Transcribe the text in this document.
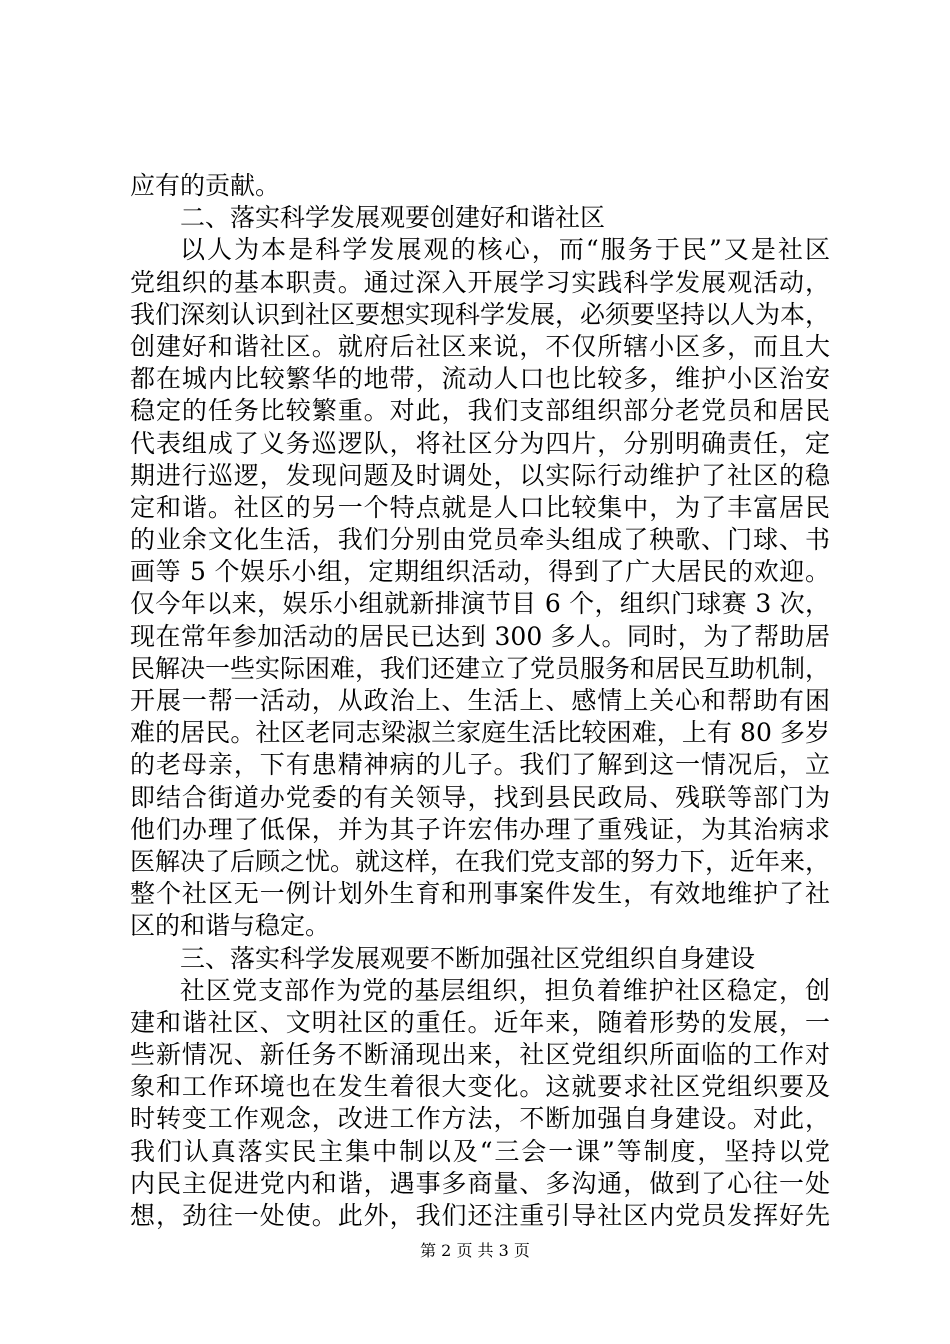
应有的贡献。
二、落实科学发展观要创建好和谐社区
以人为本是科学发展观的核心，而“服务于民”又是社区
党组织的基本职责。通过深入开展学习实践科学发展观活动，
我们深刻认识到社区要想实现科学发展，必须要坚持以人为本，
创建好和谐社区。就府后社区来说，不仅所辖小区多，而且大
都在城内比较繁华的地带，流动人口也比较多，维护小区治安
稳定的任务比较繁重。对此，我们支部组织部分老党员和居民
代表组成了义务巡逻队，将社区分为四片，分别明确责任，定
期进行巡逻，发现问题及时调处，以实际行动维护了社区的稳
定和谐。社区的另一个特点就是人口比较集中，为了丰富居民
的业余文化生活，我们分别由党员牵头组成了秧歌、门球、书
画等 5 个娱乐小组，定期组织活动，得到了广大居民的欢迎。
仅今年以来，娱乐小组就新排演节目 6 个，组织门球赛 3 次，
现在常年参加活动的居民已达到 300 多人。同时，为了帮助居
民解决一些实际困难，我们还建立了党员服务和居民互助机制，
开展一帮一活动，从政治上、生活上、感情上关心和帮助有困
难的居民。社区老同志梁淑兰家庭生活比较困难，上有 80 多岁
的老母亲，下有患精神病的儿子。我们了解到这一情况后，立
即结合街道办党委的有关领导，找到县民政局、残联等部门为
他们办理了低保，并为其子许宏伟办理了重残证，为其治病求
医解决了后顾之忧。就这样，在我们党支部的努力下，近年来，
整个社区无一例计划外生育和刑事案件发生，有效地维护了社
区的和谐与稳定。
三、落实科学发展观要不断加强社区党组织自身建设
社区党支部作为党的基层组织，担负着维护社区稳定，创
建和谐社区、文明社区的重任。近年来，随着形势的发展，一
些新情况、新任务不断涌现出来，社区党组织所面临的工作对
象和工作环境也在发生着很大变化。这就要求社区党组织要及
时转变工作观念，改进工作方法，不断加强自身建设。对此，
我们认真落实民主集中制以及“三会一课”等制度，坚持以党
内民主促进党内和谐，遇事多商量、多沟通，做到了心往一处
想，劲往一处使。此外，我们还注重引导社区内党员发挥好先
第 2 页 共 3 页
